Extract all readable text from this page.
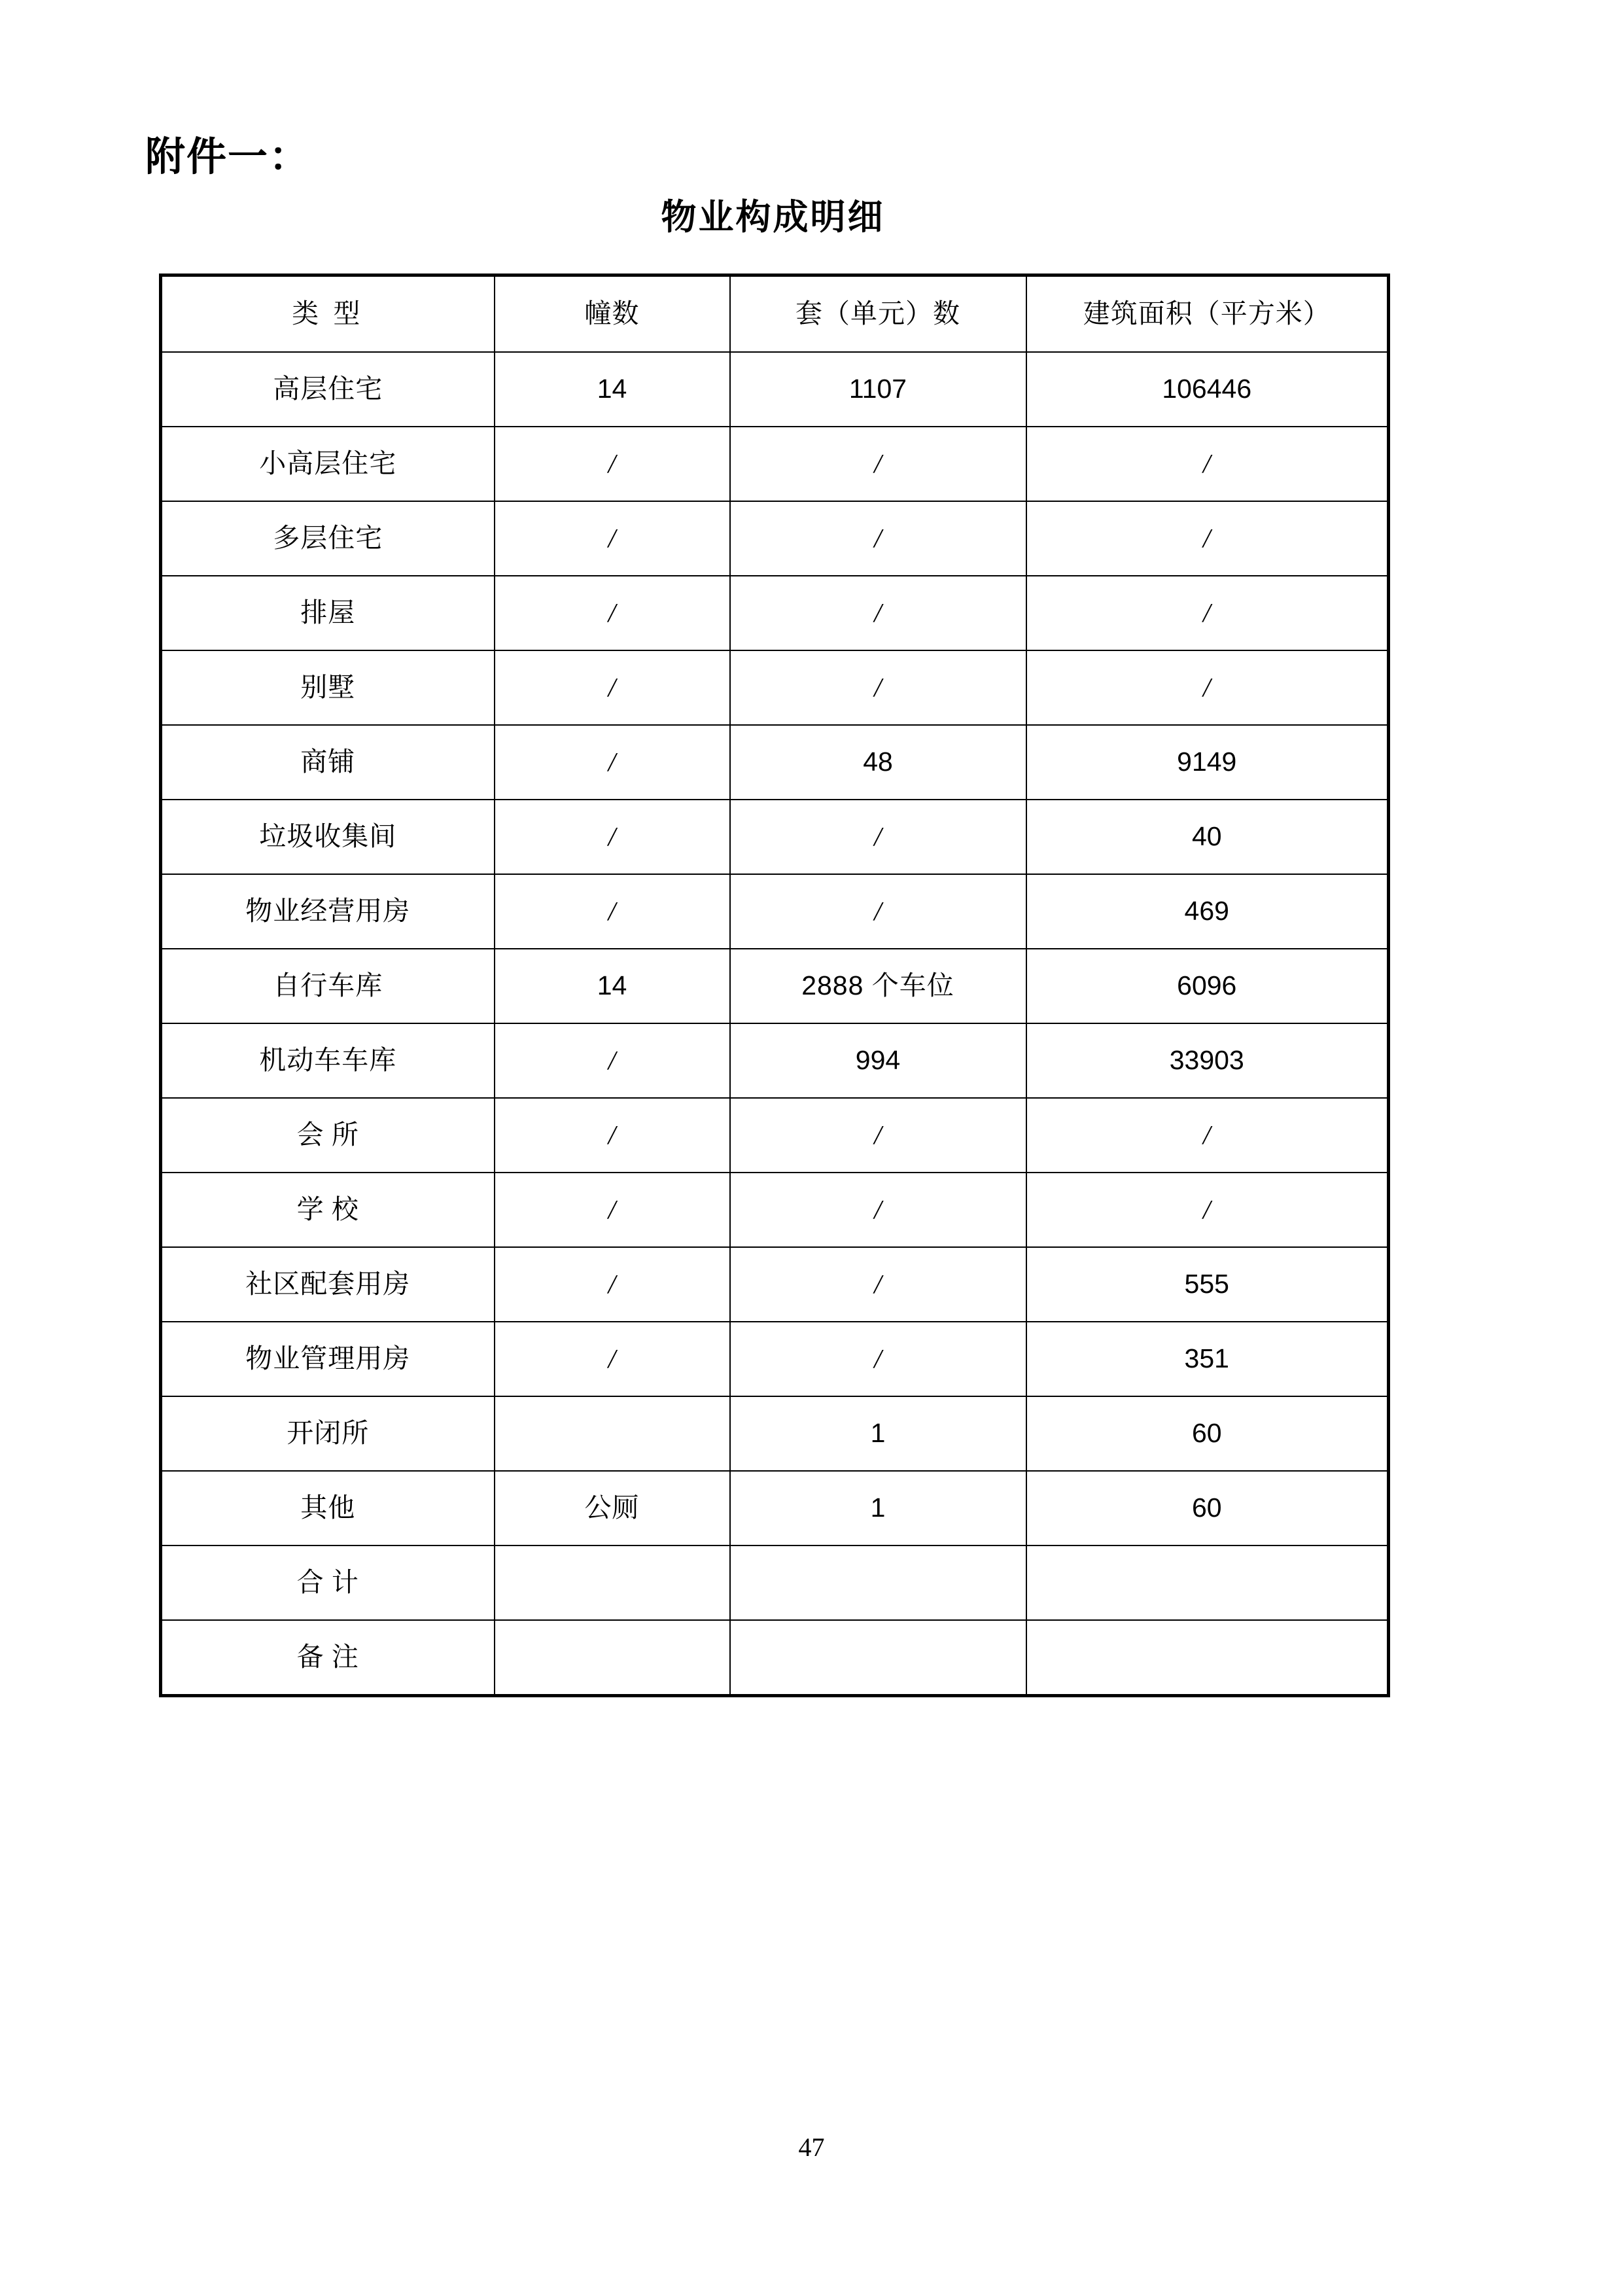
附件一：
物业构成明细
类 型	幢数	套（单元）数	建筑面积（平方米）
高层住宅	14	1107	106446
小高层住宅	/	/	/
多层住宅	/	/	/
排屋	/	/	/
别墅	/	/	/
商铺	/	48	9149
垃圾收集间	/	/	40
物业经营用房	/	/	469
自行车库	14	2888 个车位	6096
机动车车库	/	994	33903
会 所	/	/	/
学 校	/	/	/
社区配套用房	/	/	555
物业管理用房	/	/	351
开闭所		1	60
其他	公厕	1	60
合 计			
备 注			
47
